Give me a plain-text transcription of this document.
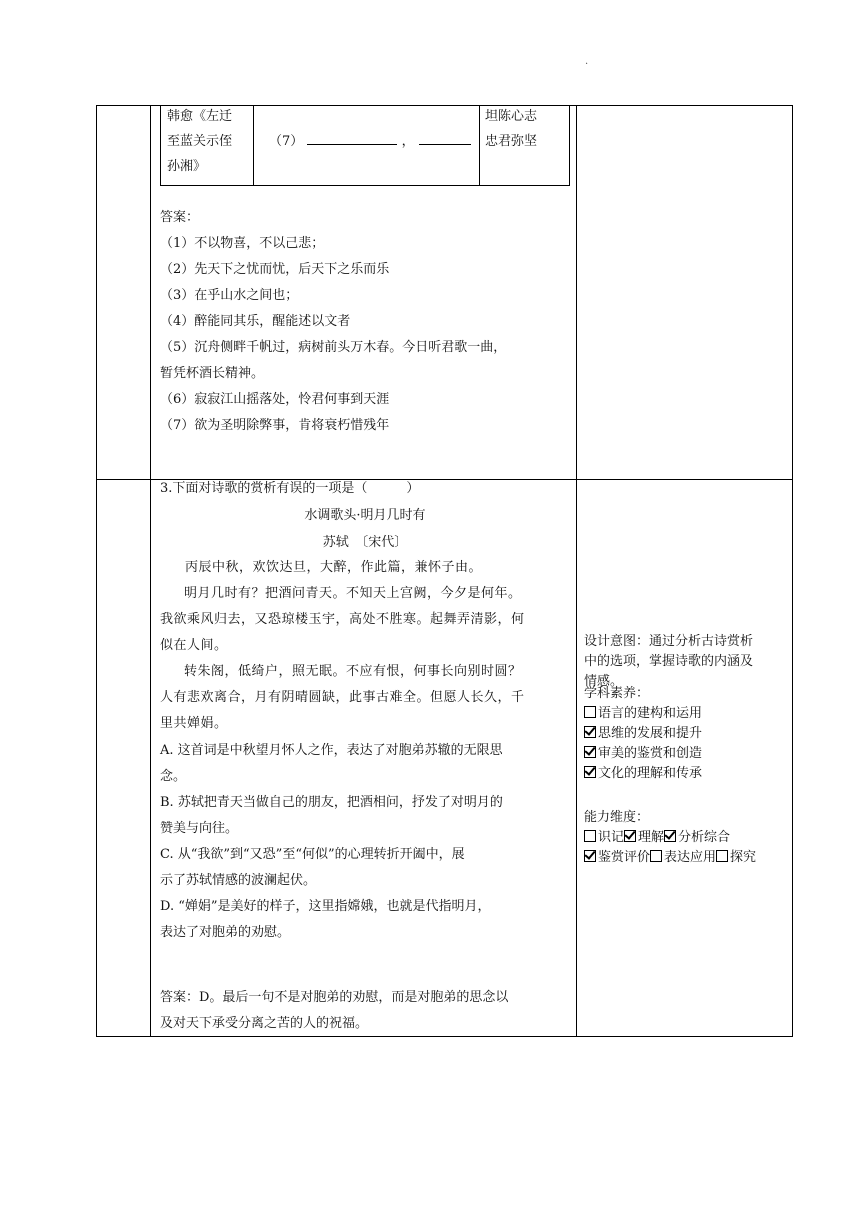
.
韩愈《左迁
至蓝关示侄
孙湘》
（7）	，
坦陈心志
忠君弥坚
答案：
（1）不以物喜，不以己悲；
（2）先天下之忧而忧，后天下之乐而乐
（3）在乎山水之间也；
（4）醉能同其乐，醒能述以文者
（5）沉舟侧畔千帆过，病树前头万木春。今日听君歌一曲，
暂凭杯酒长精神。
（6）寂寂江山摇落处，怜君何事到天涯
（7）欲为圣明除弊事，肯将衰朽惜残年
3.下面对诗歌的赏析有误的一项是（　　　）
水调歌头·明月几时有
苏轼　〔宋代〕
丙辰中秋，欢饮达旦，大醉，作此篇，兼怀子由。
明月几时有？把酒问青天。不知天上宫阙，今夕是何年。
我欲乘风归去，又恐琼楼玉宇，高处不胜寒。起舞弄清影，何
似在人间。
转朱阁，低绮户，照无眠。不应有恨，何事长向别时圆？
人有悲欢离合，月有阴晴圆缺，此事古难全。但愿人长久，千
里共婵娟。
A. 这首词是中秋望月怀人之作，表达了对胞弟苏辙的无限思
念。
B. 苏轼把青天当做自己的朋友，把酒相问，抒发了对明月的
赞美与向往。
C. 从“我欲”到“又恐”至“何似”的心理转折开阖中，展
示了苏轼情感的波澜起伏。
D. “婵娟”是美好的样子，这里指嫦娥，也就是代指明月，
表达了对胞弟的劝慰。
答案：D。最后一句不是对胞弟的劝慰，而是对胞弟的思念以
及对天下承受分离之苦的人的祝福。
设计意图：通过分析古诗赏析
中的选项，掌握诗歌的内涵及
情感。
学科素养：
语言的建构和运用
思维的发展和提升
审美的鉴赏和创造
文化的理解和传承
能力维度：
识记 理解 分析综合
鉴赏评价 表达应用 探究
